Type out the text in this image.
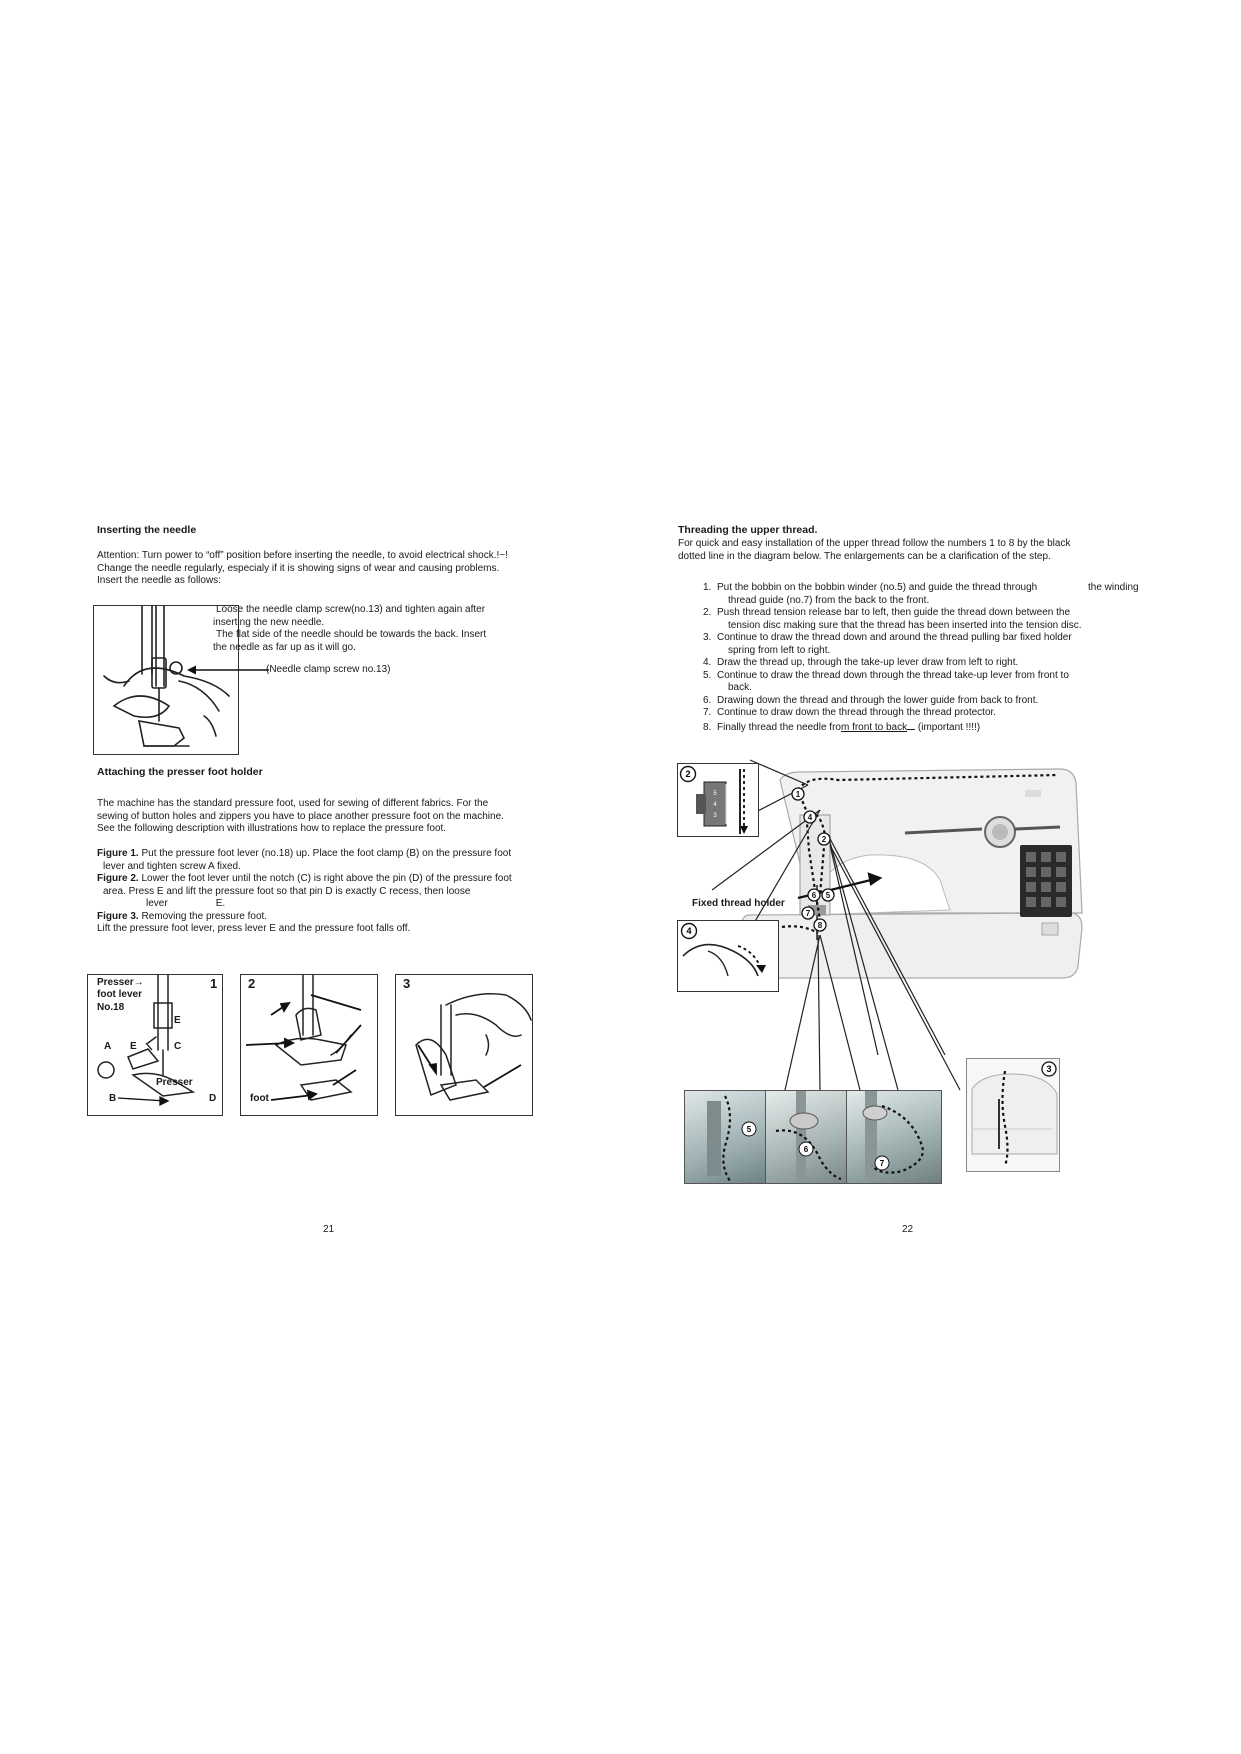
Inserting the needle
Attention: Turn power to “off” position before inserting the needle, to avoid electrical shock.!~!
Change the needle regularly, especialy if it is showing signs of wear and causing problems.
Insert the needle as follows:
Loose the needle clamp screw(no.13) and tighten again after
inserting the new needle.
The flat side of the needle should be towards the back. Insert
the needle as far up as it will go.
(Needle clamp screw no.13)
Attaching the presser foot holder
The machine has the standard pressure foot, used for sewing of different fabrics. For the
sewing of button holes and zippers you have to place another pressure foot on the machine.
See the following description with illustrations how to replace the pressure foot.
Figure 1. Put the pressure foot lever (no.18) up. Place the foot clamp (B) on the pressure foot
lever and tighten screw A fixed.
Figure 2. Lower the foot lever until the notch (C) is right above the pin (D) of the pressure foot
area. Press E and lift the pressure foot so that pin D is exactly C recess, then loose
lever	E.
Figure 3. Removing the pressure foot.
Lift the pressure foot lever, press lever E and the pressure foot falls off.
Presser→
foot lever
No.18
1
E
A E	C
Presser
B	D
2
foot
3
21
Threading the upper thread.
For quick and easy installation of the upper thread follow the numbers 1 to 8 by the black
dotted line in the diagram below. The enlargements can be a clarification of the step.
1. Put the bobbin on the bobbin winder (no.5) and guide the thread through	the winding
thread guide (no.7) from the back to the front.
2. Push thread tension release bar to left, then guide the thread down between the
tension disc making sure that the thread has been inserted into the tension disc.
3. Continue to draw the thread down and around the thread pulling bar fixed holder
spring from left to right.
4. Draw the thread up, through the take-up lever draw from left to right.
5. Continue to draw the thread down through the thread take-up lever from front to
back.
6. Drawing down the thread and through the lower guide from back to front.
7. Continue to draw down the thread through the thread protector.
8. Finally thread the needle from front to back (important !!!!)
1
4
2
6 5
7
8
2
5
4
3
4
Fixed thread holder
5
6
7
3
22
